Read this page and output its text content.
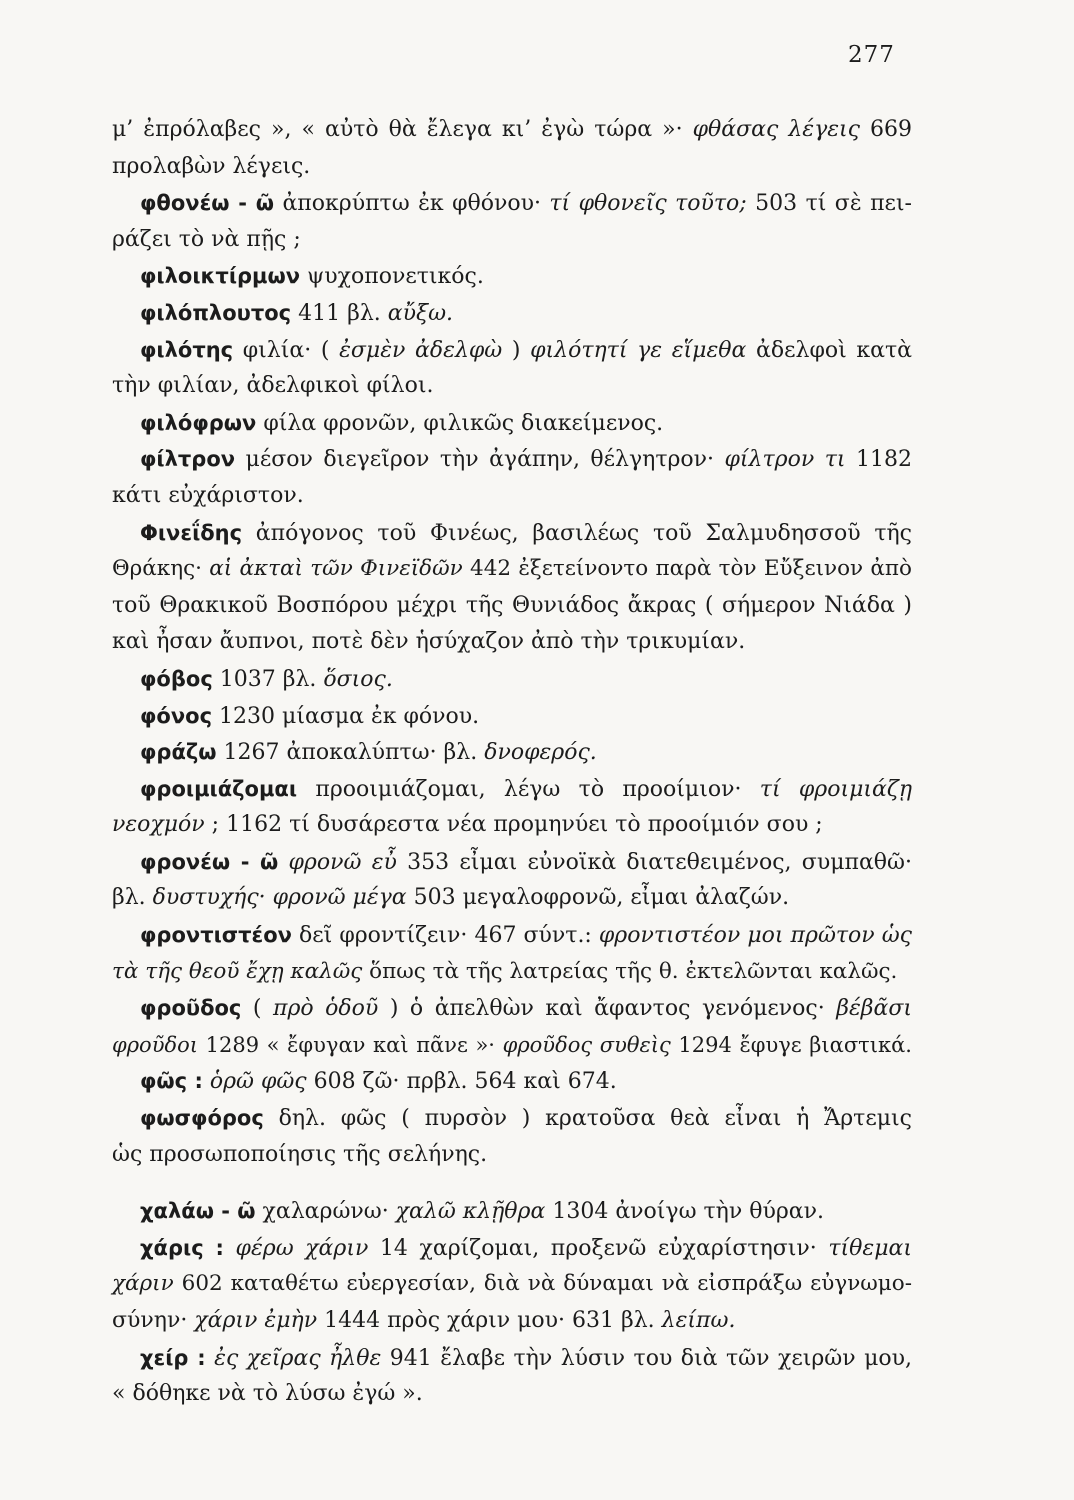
277
μ’ ἐπρόλαβες », « αὐτὸ θὰ ἔλεγα κι’ ἐγὼ τώρα »· φθάσας λέγεις 669
προλαβὼν λέγεις.
φθονέω - ῶ ἀποκρύπτω ἐκ φθόνου· τί φθονεῖς τοῦτο; 503 τί σὲ πει-
ράζει τὸ νὰ πῇς ;
φιλοικτίρμων ψυχοπονετικός.
φιλόπλουτος 411 βλ. αὔξω.
φιλότης φιλία· ( ἐσμὲν ἀδελφὼ ) φιλότητί γε εἵμεθα ἀδελφοὶ κατὰ
τὴν φιλίαν, ἀδελφικοὶ φίλοι.
φιλόφρων φίλα φρονῶν, φιλικῶς διακείμενος.
φίλτρον μέσον διεγεῖρον τὴν ἀγάπην, θέλγητρον· φίλτρον τι 1182
κάτι εὐχάριστον.
Φινεΐδης ἀπόγονος τοῦ Φινέως, βασιλέως τοῦ Σαλμυδησσοῦ τῆς
Θράκης· αἱ ἀκταὶ τῶν Φινεϊδῶν 442 ἐξετείνοντο παρὰ τὸν Εὔξεινον ἀπὸ
τοῦ Θρακικοῦ Βοσπόρου μέχρι τῆς Θυνιάδος ἄκρας ( σήμερον Νιάδα )
καὶ ἦσαν ἄυπνοι, ποτὲ δὲν ἡσύχαζον ἀπὸ τὴν τρικυμίαν.
φόβος 1037 βλ. ὅσιος.
φόνος 1230 μίασμα ἐκ φόνου.
φράζω 1267 ἀποκαλύπτω· βλ. δνοφερός.
φροιμιάζομαι προοιμιάζομαι, λέγω τὸ προοίμιον· τί φροιμιάζῃ
νεοχμόν ; 1162 τί δυσάρεστα νέα προμηνύει τὸ προοίμιόν σου ;
φρονέω - ῶ φρονῶ εὖ 353 εἶμαι εὐνοϊκὰ διατεθειμένος, συμπαθῶ·
βλ. δυστυχής· φρονῶ μέγα 503 μεγαλοφρονῶ, εἶμαι ἀλαζών.
φροντιστέον δεῖ φροντίζειν· 467 σύντ.: φροντιστέον μοι πρῶτον ὡς
τὰ τῆς θεοῦ ἔχῃ καλῶς ὅπως τὰ τῆς λατρείας τῆς θ. ἐκτελῶνται καλῶς.
φροῦδος ( πρὸ ὁδοῦ ) ὁ ἀπελθὼν καὶ ἄφαντος γενόμενος· βέβᾶσι
φροῦδοι 1289 « ἔφυγαν καὶ πᾶνε »· φροῦδος συθεὶς 1294 ἔφυγε βιαστικά.
φῶς : ὁρῶ φῶς 608 ζῶ· πρβλ. 564 καὶ 674.
φωσφόρος δηλ. φῶς ( πυρσὸν ) κρατοῦσα θεὰ εἶναι ἡ Ἄρτεμις
ὡς προσωποποίησις τῆς σελήνης.
χαλάω - ῶ χαλαρώνω· χαλῶ κλῇθρα 1304 ἀνοίγω τὴν θύραν.
χάρις : φέρω χάριν 14 χαρίζομαι, προξενῶ εὐχαρίστησιν· τίθεμαι
χάριν 602 καταθέτω εὐεργεσίαν, διὰ νὰ δύναμαι νὰ εἰσπράξω εὐγνωμο-
σύνην· χάριν ἐμὴν 1444 πρὸς χάριν μου· 631 βλ. λείπω.
χείρ : ἐς χεῖρας ἦλθε 941 ἔλαβε τὴν λύσιν του διὰ τῶν χειρῶν μου,
« δόθηκε νὰ τὸ λύσω ἐγώ ».
